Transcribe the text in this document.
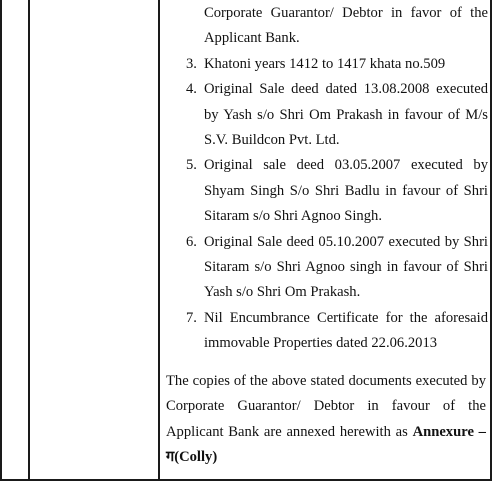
Corporate Guarantor/ Debtor in favor of the Applicant Bank.
3. Khatoni years 1412 to 1417 khata no.509
4. Original Sale deed dated 13.08.2008 executed by Yash s/o Shri Om Prakash in favour of M/s S.V. Buildcon Pvt. Ltd.
5. Original sale deed 03.05.2007 executed by Shyam Singh S/o Shri Badlu in favour of Shri Sitaram s/o Shri Agnoo Singh.
6. Original Sale deed 05.10.2007 executed by Shri Sitaram s/o Shri Agnoo singh in favour of Shri Yash s/o Shri Om Prakash.
7. Nil Encumbrance Certificate for the aforesaid immovable Properties dated 22.06.2013
The copies of the above stated documents executed by Corporate Guarantor/ Debtor in favour of the Applicant Bank are annexed herewith as Annexure –ग(Colly)
